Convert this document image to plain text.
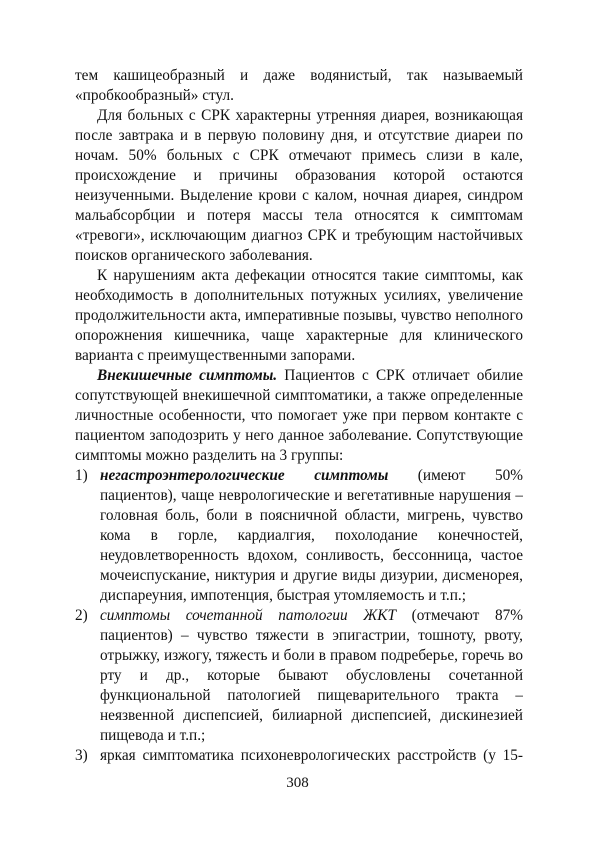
тем кашицеобразный и даже водянистый, так называемый «пробкообразный» стул.

Для больных с СРК характерны утренняя диарея, возникающая после завтрака и в первую половину дня, и отсутствие диареи по ночам. 50% больных с СРК отмечают примесь слизи в кале, происхождение и причины образования которой остаются неизученными. Выделение крови с калом, ночная диарея, синдром мальабсорбции и потеря массы тела относятся к симптомам «тревоги», исключающим диагноз СРК и требующим настойчивых поисков органического заболевания.

К нарушениям акта дефекации относятся такие симптомы, как необходимость в дополнительных потужных усилиях, увеличение продолжительности акта, императивные позывы, чувство неполного опорожнения кишечника, чаще характерные для клинического варианта с преимущественными запорами.

Внекишечные симптомы. Пациентов с СРК отличает обилие сопутствующей внекишечной симптоматики, а также определенные личностные особенности, что помогает уже при первом контакте с пациентом заподозрить у него данное заболевание. Сопутствующие симптомы можно разделить на 3 группы:

1) негастроэнтерологические симптомы (имеют 50% пациентов), чаще неврологические и вегетативные нарушения – головная боль, боли в поясничной области, мигрень, чувство кома в горле, кардиалгия, похолодание конечностей, неудовлетворенность вдохом, сонливость, бессонница, частое мочеиспускание, никтурия и другие виды дизурии, дисменорея, диспареуния, импотенция, быстрая утомляемость и т.п.;
2) симптомы сочетанной патологии ЖКТ (отмечают 87% пациентов) – чувство тяжести в эпигастрии, тошноту, рвоту, отрыжку, изжогу, тяжесть и боли в правом подреберье, горечь во рту и др., которые бывают обусловлены сочетанной функциональной патологией пищеварительного тракта – неязвенной диспепсией, билиарной диспепсией, дискинезией пищевода и т.п.;
3) яркая симптоматика психоневрологических расстройств (у 15-
308
